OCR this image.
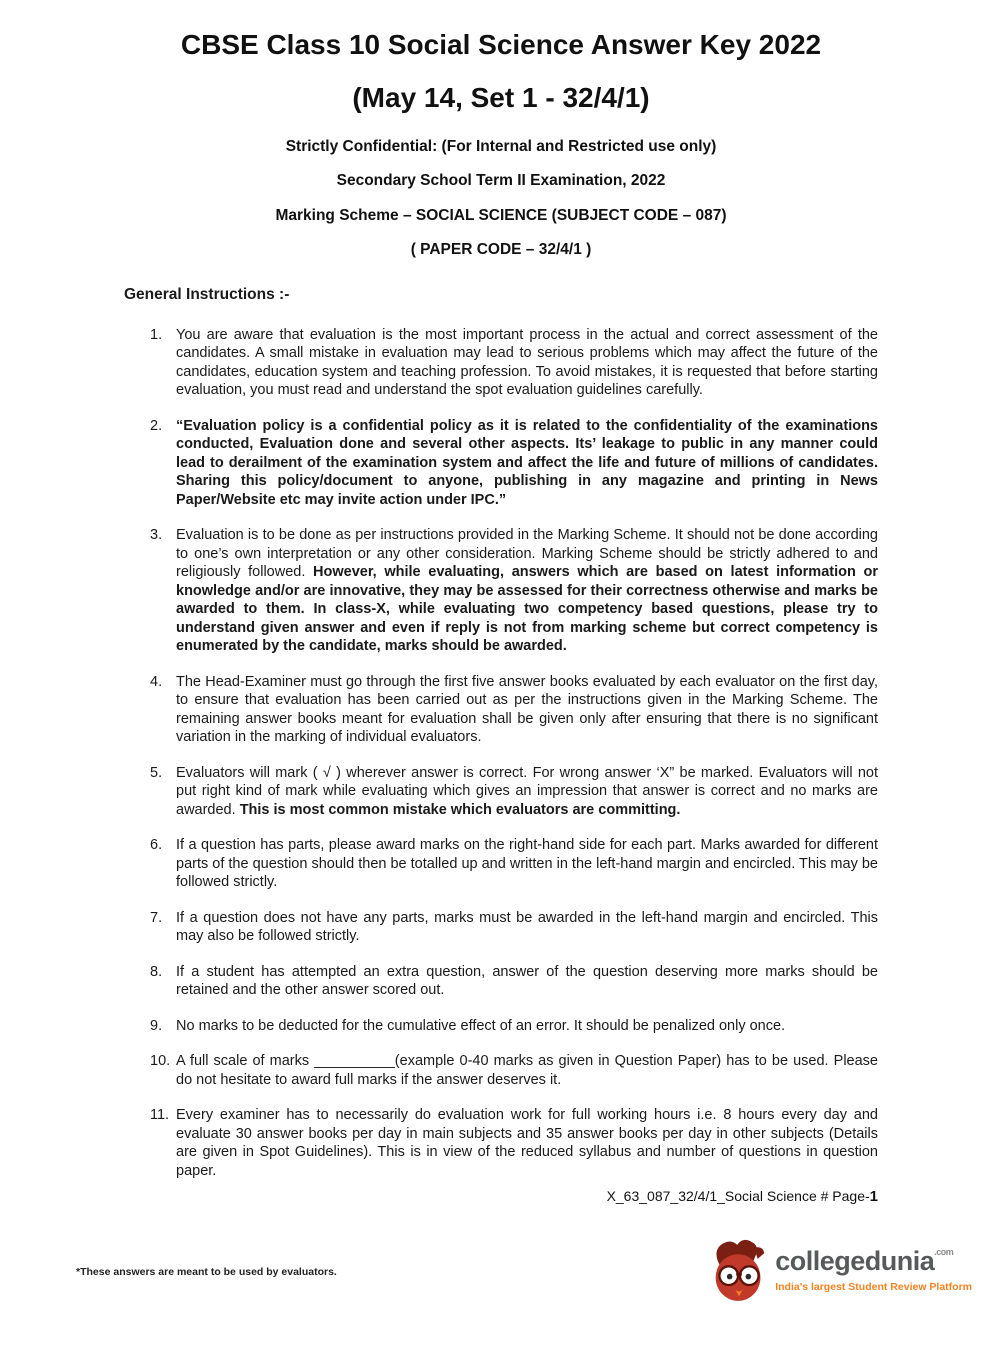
CBSE Class 10 Social Science Answer Key 2022
(May 14, Set 1 - 32/4/1)
Strictly Confidential: (For Internal and Restricted use only)
Secondary School Term II Examination, 2022
Marking Scheme – SOCIAL SCIENCE (SUBJECT CODE – 087)
( PAPER CODE – 32/4/1 )
General Instructions :-
1. You are aware that evaluation is the most important process in the actual and correct assessment of the candidates. A small mistake in evaluation may lead to serious problems which may affect the future of the candidates, education system and teaching profession. To avoid mistakes, it is requested that before starting evaluation, you must read and understand the spot evaluation guidelines carefully.
2. “Evaluation policy is a confidential policy as it is related to the confidentiality of the examinations conducted, Evaluation done and several other aspects. Its’ leakage to public in any manner could lead to derailment of the examination system and affect the life and future of millions of candidates. Sharing this policy/document to anyone, publishing in any magazine and printing in News Paper/Website etc may invite action under IPC.”
3. Evaluation is to be done as per instructions provided in the Marking Scheme. It should not be done according to one’s own interpretation or any other consideration. Marking Scheme should be strictly adhered to and religiously followed. However, while evaluating, answers which are based on latest information or knowledge and/or are innovative, they may be assessed for their correctness otherwise and marks be awarded to them. In class-X, while evaluating two competency based questions, please try to understand given answer and even if reply is not from marking scheme but correct competency is enumerated by the candidate, marks should be awarded.
4. The Head-Examiner must go through the first five answer books evaluated by each evaluator on the first day, to ensure that evaluation has been carried out as per the instructions given in the Marking Scheme. The remaining answer books meant for evaluation shall be given only after ensuring that there is no significant variation in the marking of individual evaluators.
5. Evaluators will mark ( √ ) wherever answer is correct. For wrong answer ‘X” be marked. Evaluators will not put right kind of mark while evaluating which gives an impression that answer is correct and no marks are awarded. This is most common mistake which evaluators are committing.
6. If a question has parts, please award marks on the right-hand side for each part. Marks awarded for different parts of the question should then be totalled up and written in the left-hand margin and encircled. This may be followed strictly.
7. If a question does not have any parts, marks must be awarded in the left-hand margin and encircled. This may also be followed strictly.
8. If a student has attempted an extra question, answer of the question deserving more marks should be retained and the other answer scored out.
9. No marks to be deducted for the cumulative effect of an error. It should be penalized only once.
10. A full scale of marks __________(example 0-40 marks as given in Question Paper) has to be used. Please do not hesitate to award full marks if the answer deserves it.
11. Every examiner has to necessarily do evaluation work for full working hours i.e. 8 hours every day and evaluate 30 answer books per day in main subjects and 35 answer books per day in other subjects (Details are given in Spot Guidelines). This is in view of the reduced syllabus and number of questions in question paper.
X_63_087_32/4/1_Social Science # Page-1
*These answers are meant to be used by evaluators.	collegedunia$^{.com}$
India's largest Student Review Platform
